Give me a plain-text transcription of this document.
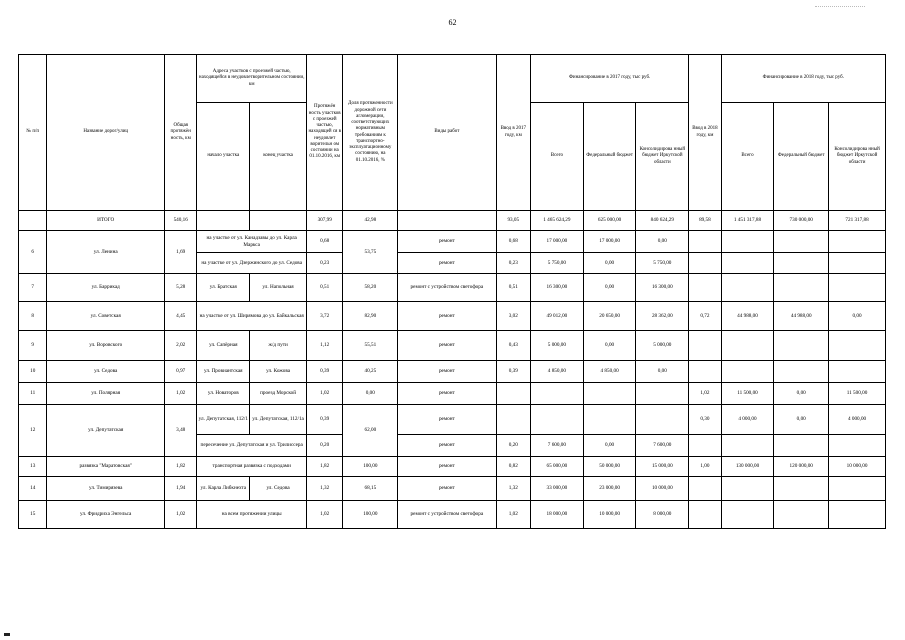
62
№ п/п	Название дорог/улиц	Общая протяжён ность, км	Адреса участков с проезжей частью, находящейся в неудовлетворительном состоянии, км		Протяжён ность участков с проезжей частью, находящей ся в неудовлет ворительн ом состоянии на 01.10.2016, км	Доля протяженности дорожной сети агломерации, соответствующих нормативным требованиям к транспортно-эксплуатационному состоянию, на 01.10.2016, %	Виды работ	Ввод в 2017 году, км	Финансирование в 2017 году, тыс руб.			Ввод в 2018 году, км	Финансирование в 2018 году, тыс руб.		
			начало участка	конец участка					Всего	Федеральный бюджет	Консолидирова нный бюджет Иркутской области		Всего	Федеральный бюджет	Консолидирова нный бюджет Иркутской области
	ИТОГО	540,16			307,99	42,98		93,05	1 465 624,29	625 000,00	840 624,29	89,58	1 451 317,88	730 000,00	721 317,88
6	ул. Ленина	1,69	на участке от ул. Канадзавы до ул. Карла Маркса		0,68	53,75	ремонт	0,68	17 000,00	17 000,00	0,00				
			на участке от ул. Дзержинского до ул. Седова		0,23		ремонт	0,23	5 750,00	0,00	5 750,00				
7	ул. Баррикад	5,28	ул. Братская	ул. Напольная	0,51	58,20	ремонт с устройством светофора	0,51	16 300,00	0,00	16 300,00				
8	ул. Советская	4,45	на участке от ул. Ширямова до ул. Байкальская		3,72	82,90	ремонт	3,02	49 012,00	20 650,00	28 362,00	0,72	44 988,00	44 988,00	0,00
9	ул. Воровского	2,02	ул. Сапёрная	ж/д пути	1,12	55,51	ремонт	0,43	5 000,00	0,00	5 000,00				
10	ул. Седова	0,97	ул. Провиантская	ул. Кожова	0,39	40,25	ремонт	0,39	4 850,00	4 850,00	0,00				
11	ул. Полярная	1,02	ул. Новаторов	проезд Морской	1,02	0,00	ремонт					1,02	11 500,00	0,00	11 500,00
12	ул. Депутатская	3,48	ул. Депутатская, 112/1	ул. Депутатская, 112/1а	0,39	62,00	ремонт					0,30	4 000,00	0,00	4 000,00
			пересечение ул. Депутатская и ул. Трилиссера		0,20		ремонт	0,20	7 600,00	0,00	7 600,00				
13	развязка "Маратовская"	1,82	транспортная развязка с подходами		1,82	100,00	ремонт	0,82	65 000,00	50 000,00	15 000,00	1,00	130 000,00	120 000,00	10 000,00
14	ул. Тимирязева	1,94	ул. Карла Либкнехта	ул. Седова	1,32	68,15	ремонт	1,32	33 000,00	23 000,00	10 000,00				
15	ул. Фридриха Энгельса	1,02	на всем протяжении улицы		1,02	100,00	ремонт с устройством светофора	1,02	18 000,00	10 000,00	8 000,00				
